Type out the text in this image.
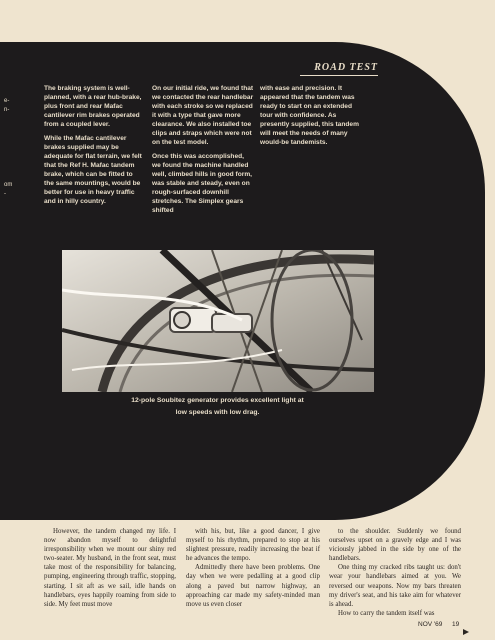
e-
n-
om
-
ROAD TEST

The braking system is well-planned, with a rear hub-brake, plus front and rear Mafac cantilever rim brakes operated from a coupled lever.

While the Mafac cantilever brakes supplied may be adequate for flat terrain, we felt that the Ref H. Mafac tandem brake, which can be fitted to the same mountings, would be better for use in heavy traffic and in hilly country.

On our initial ride, we found that we contacted the rear handlebar with each stroke so we replaced it with a type that gave more clearance. We also installed toe clips and straps which were not on the test model.

Once this was accomplished, we found the machine handled well, climbed hills in good form, was stable and steady, even on rough-surfaced downhill stretches. The Simplex gears shifted

with ease and precision. It appeared that the tandem was ready to start on an extended tour with confidence. As presently supplied, this tandem will meet the needs of many would-be tandemists.

12-pole Soubitez generator provides excellent light at low speeds with low drag.

However, the tandem changed my life. I now abandon myself to delightful irresponsibility when we mount our shiny red two-seater. My husband, in the front seat, must take most of the responsibility for balancing, pumping, engineering through traffic, stopping, starting. I sit aft as we sail, idle hands on handlebars, eyes happily roaming from side to side. My feet must move

with his, but, like a good dancer, I give myself to his rhythm, prepared to stop at his slightest pressure, readily increasing the beat if he advances the tempo.

Admittedly there have been problems. One day when we were pedalling at a good clip along a paved but narrow highway, an approaching car made my safety-minded man move us even closer

to the shoulder. Suddenly we found ourselves upset on a gravely edge and I was viciously jabbed in the side by one of the handlebars.

One thing my cracked ribs taught us: don't wear your handlebars aimed at you. We reversed our weapons. Now my bars threaten my driver's seat, and his take aim for whatever is ahead.

How to carry the tandem itself was

NOV '69 19
